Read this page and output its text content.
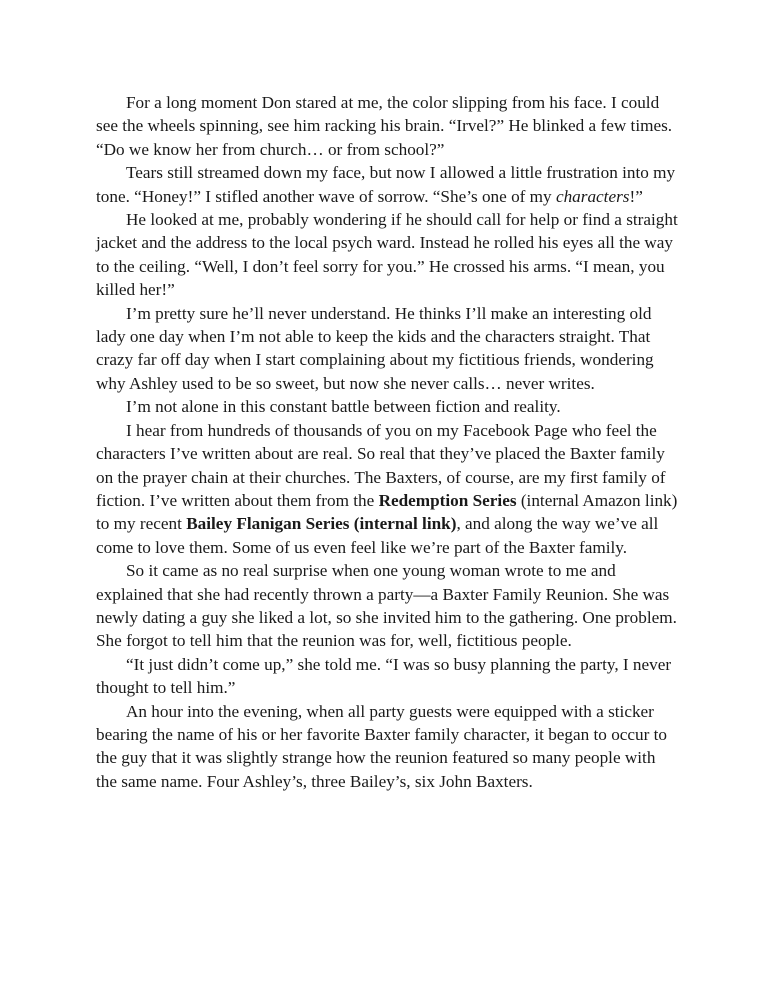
For a long moment Don stared at me, the color slipping from his face. I could see the wheels spinning, see him racking his brain. “Irvel?” He blinked a few times. “Do we know her from church… or from school?”

Tears still streamed down my face, but now I allowed a little frustration into my tone. “Honey!” I stifled another wave of sorrow. “She’s one of my characters!”

He looked at me, probably wondering if he should call for help or find a straight jacket and the address to the local psych ward. Instead he rolled his eyes all the way to the ceiling. “Well, I don’t feel sorry for you.” He crossed his arms. “I mean, you killed her!”

I’m pretty sure he’ll never understand. He thinks I’ll make an interesting old lady one day when I’m not able to keep the kids and the characters straight. That crazy far off day when I start complaining about my fictitious friends, wondering why Ashley used to be so sweet, but now she never calls… never writes.

I’m not alone in this constant battle between fiction and reality.

I hear from hundreds of thousands of you on my Facebook Page who feel the characters I’ve written about are real. So real that they’ve placed the Baxter family on the prayer chain at their churches. The Baxters, of course, are my first family of fiction. I’ve written about them from the Redemption Series (internal Amazon link) to my recent Bailey Flanigan Series (internal link), and along the way we’ve all come to love them. Some of us even feel like we’re part of the Baxter family.

So it came as no real surprise when one young woman wrote to me and explained that she had recently thrown a party—a Baxter Family Reunion. She was newly dating a guy she liked a lot, so she invited him to the gathering. One problem. She forgot to tell him that the reunion was for, well, fictitious people.

“It just didn’t come up,” she told me. “I was so busy planning the party, I never thought to tell him.”

An hour into the evening, when all party guests were equipped with a sticker bearing the name of his or her favorite Baxter family character, it began to occur to the guy that it was slightly strange how the reunion featured so many people with the same name. Four Ashley’s, three Bailey’s, six John Baxters.
